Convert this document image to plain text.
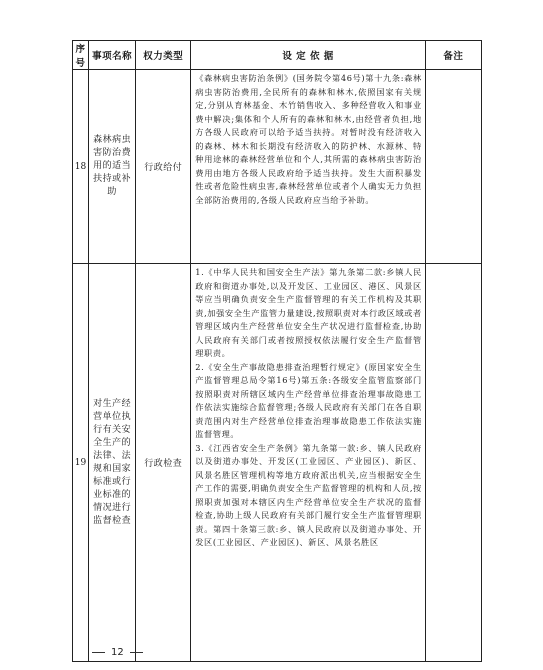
序号	事项名称	权力类型	设 定 依 据	备注
18	森林病虫害防治费用的适当扶持或补助	行政给付	《森林病虫害防治条例》(国务院令第46号)第十九条:森林病虫害防治费用,全民所有的森林和林木,依照国家有关规定,分别从育林基金、木竹销售收入、多种经营收入和事业费中解决;集体和个人所有的森林和林木,由经营者负担,地方各级人民政府可以给予适当扶持。对暂时没有经济收入的森林、林木和长期没有经济收入的防护林、水源林、特种用途林的森林经营单位和个人,其所需的森林病虫害防治费用由地方各级人民政府给予适当扶持。发生大面积暴发性或者危险性病虫害,森林经营单位或者个人确实无力负担全部防治费用的,各级人民政府应当给予补助。	

19	对生产经营单位执行有关安全生产的法律、法规和国家标准或行业标准的情况进行监督检查	行政检查	1.《中华人民共和国安全生产法》第九条第二款:乡镇人民政府和街道办事处,以及开发区、工业园区、港区、风景区等应当明确负责安全生产监督管理的有关工作机构及其职责,加强安全生产监管力量建设,按照职责对本行政区域或者管理区域内生产经营单位安全生产状况进行监督检查,协助人民政府有关部门或者按照授权依法履行安全生产监督管理职责。

2.《安全生产事故隐患排查治理暂行规定》(原国家安全生产监督管理总局令第16号)第五条:各级安全监管监察部门按照职责对所辖区域内生产经营单位排查治理事故隐患工作依法实施综合监督管理;各级人民政府有关部门在各自职责范围内对生产经营单位排查治理事故隐患工作依法实施监督管理。

3.《江西省安全生产条例》第九条第一款:乡、镇人民政府以及街道办事处、开发区(工业园区、产业园区)、新区、风景名胜区管理机构等地方政府派出机关,应当根据安全生产工作的需要,明确负责安全生产监督管理的机构和人员,按照职责加强对本辖区内生产经营单位安全生产状况的监督检查,协助上级人民政府有关部门履行安全生产监督管理职责。第四十条第三款:乡、镇人民政府以及街道办事处、开发区(工业园区、产业园区)、新区、风景名胜区	

12
